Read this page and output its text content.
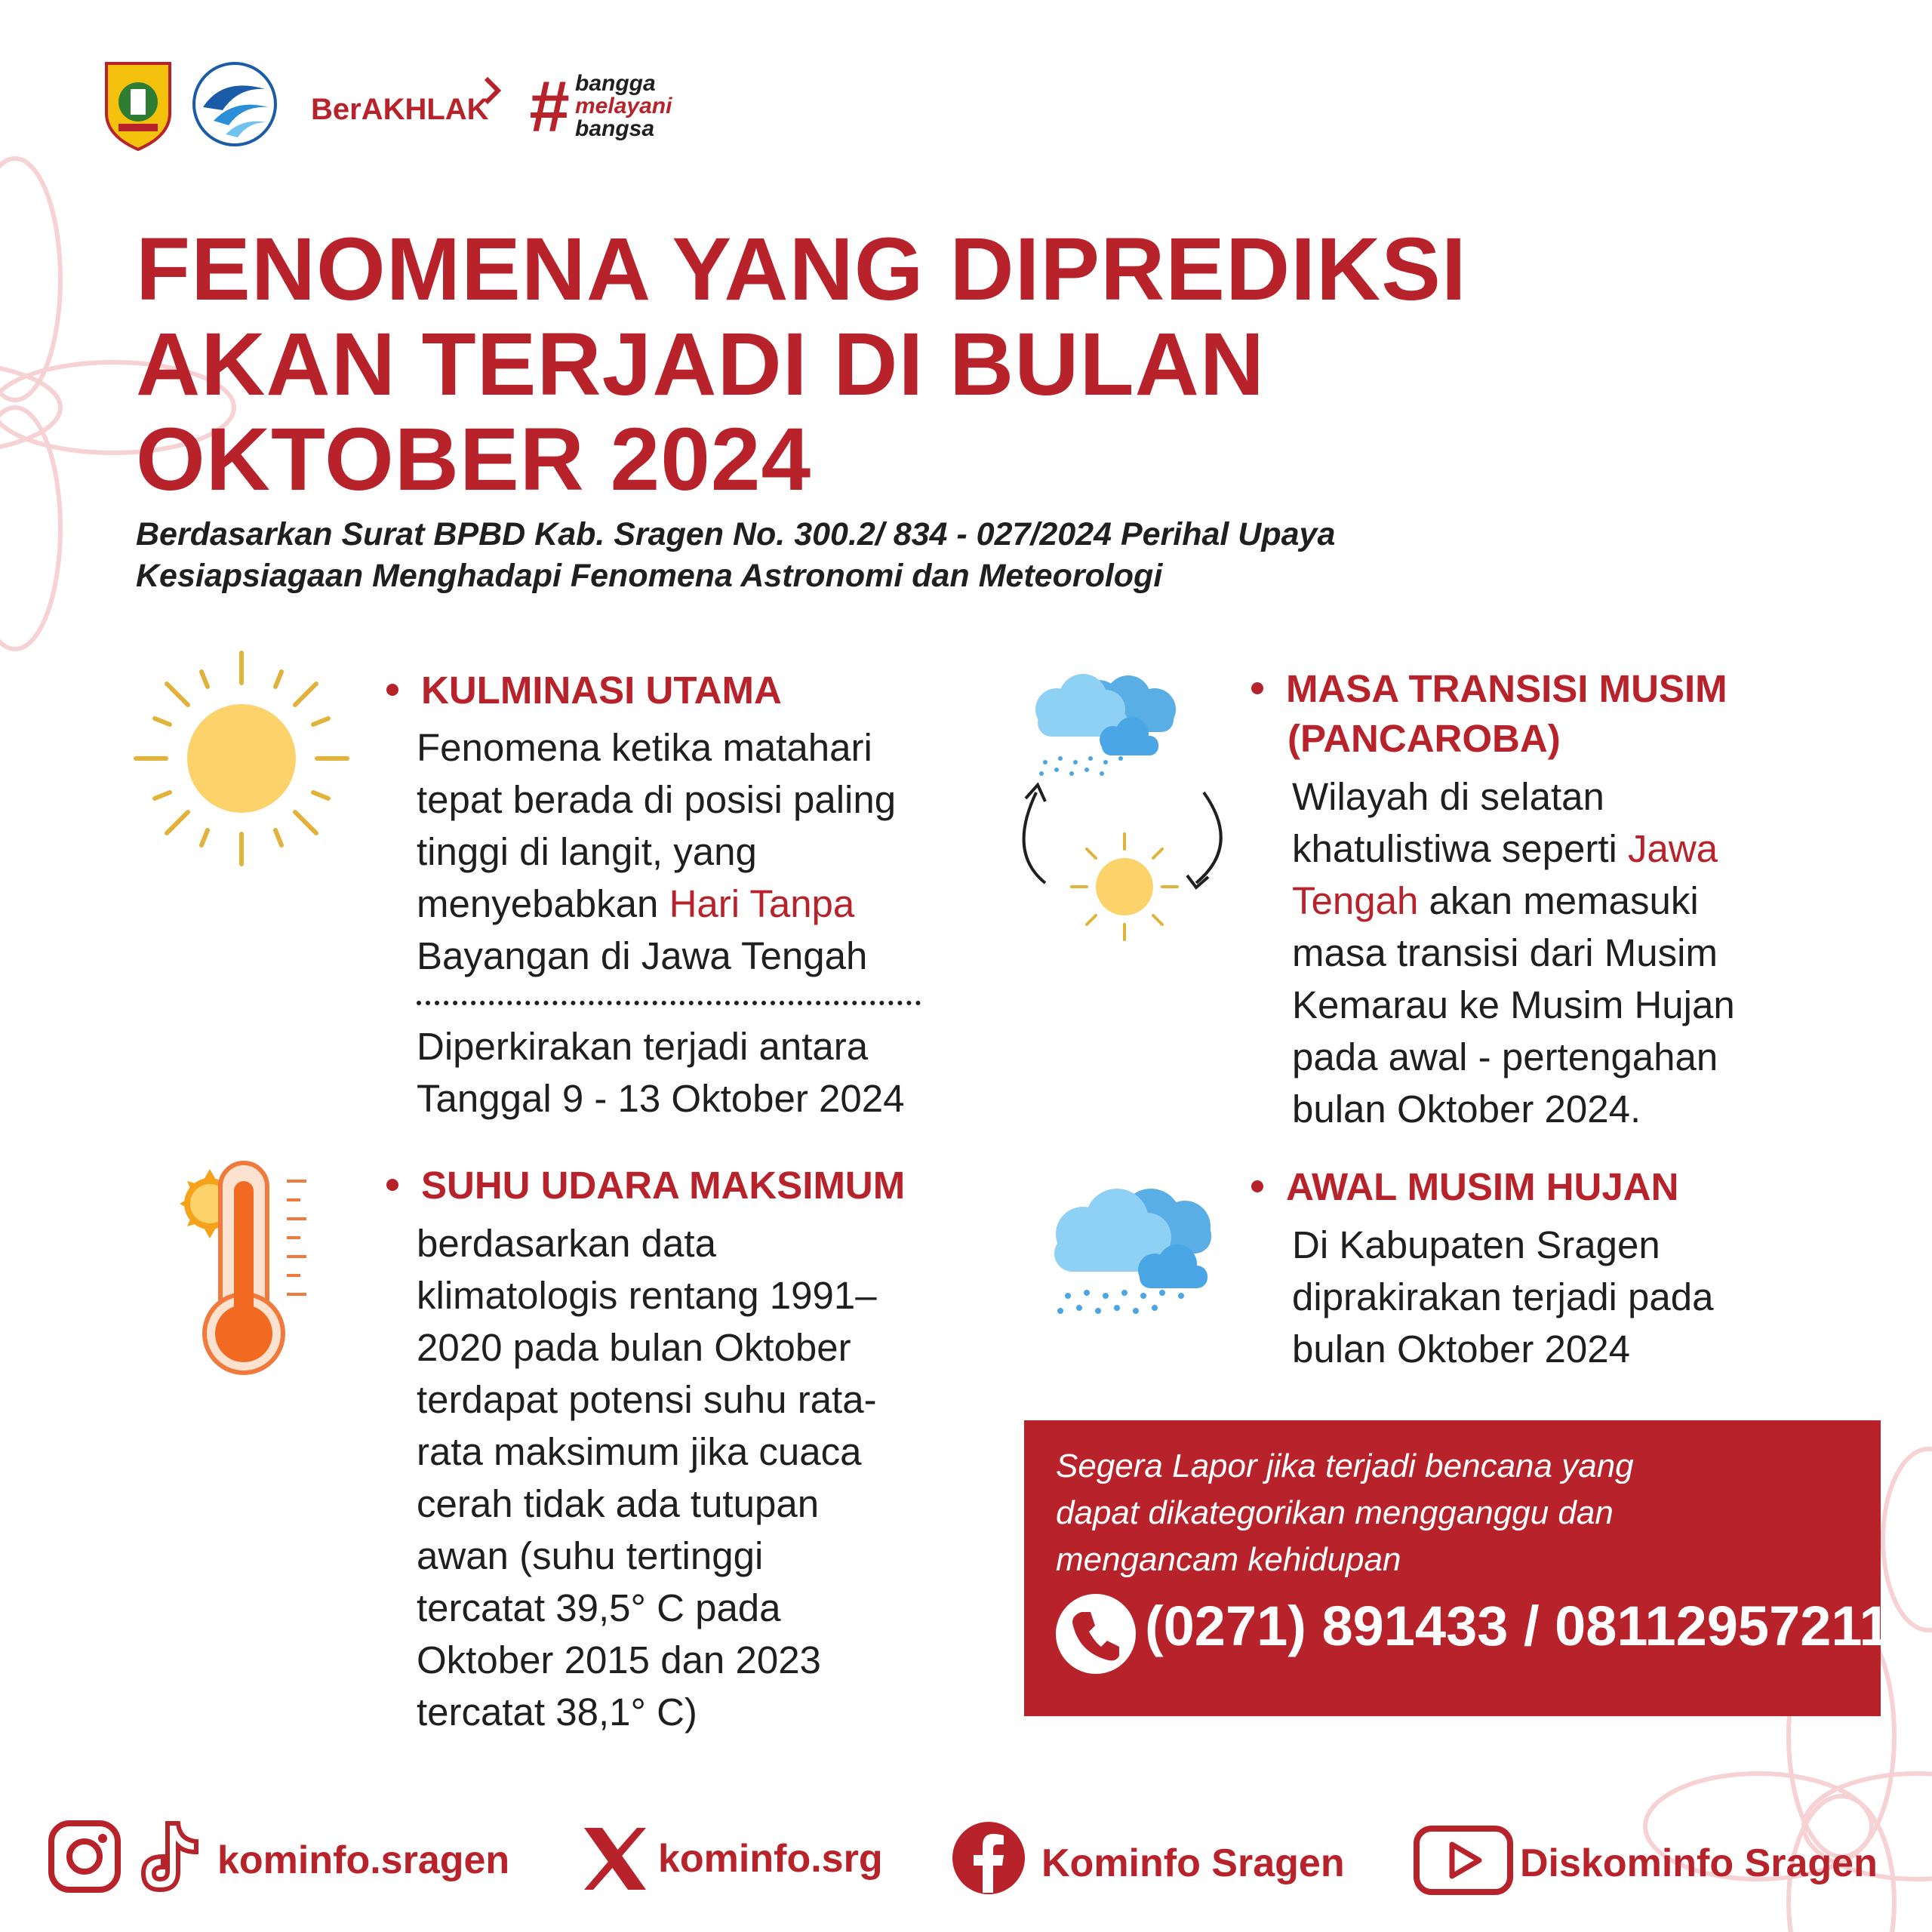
BerAKHLAK # bangga
melayani
bangsa
FENOMENA YANG DIPREDIKSI
AKAN TERJADI DI BULAN
OKTOBER 2024
Berdasarkan Surat BPBD Kab. Sragen No. 300.2/ 834 - 027/2024 Perihal Upaya
Kesiapsiagaan Menghadapi Fenomena Astronomi dan Meteorologi
KULMINASI UTAMA
Fenomena ketika matahari
tepat berada di posisi paling
tinggi di langit, yang
menyebabkan Hari Tanpa
Bayangan di Jawa Tengah
Diperkirakan terjadi antara
Tanggal 9 - 13 Oktober 2024
MASA TRANSISI MUSIM
(PANCAROBA)
Wilayah di selatan
khatulistiwa seperti Jawa
Tengah akan memasuki
masa transisi dari Musim
Kemarau ke Musim Hujan
pada awal - pertengahan
bulan Oktober 2024.
SUHU UDARA MAKSIMUM
berdasarkan data
klimatologis rentang 1991–
2020 pada bulan Oktober
terdapat potensi suhu rata-
rata maksimum jika cuaca
cerah tidak ada tutupan
awan (suhu tertinggi
tercatat 39,5° C pada
Oktober 2015 dan 2023
tercatat 38,1° C)
AWAL MUSIM HUJAN
Di Kabupaten Sragen
diprakirakan terjadi pada
bulan Oktober 2024
Segera Lapor jika terjadi bencana yang
dapat dikategorikan mengganggu dan
mengancam kehidupan
(0271) 891433 / 08112957211
kominfo.sragen	kominfo.srg	Kominfo Sragen	Diskominfo Sragen
